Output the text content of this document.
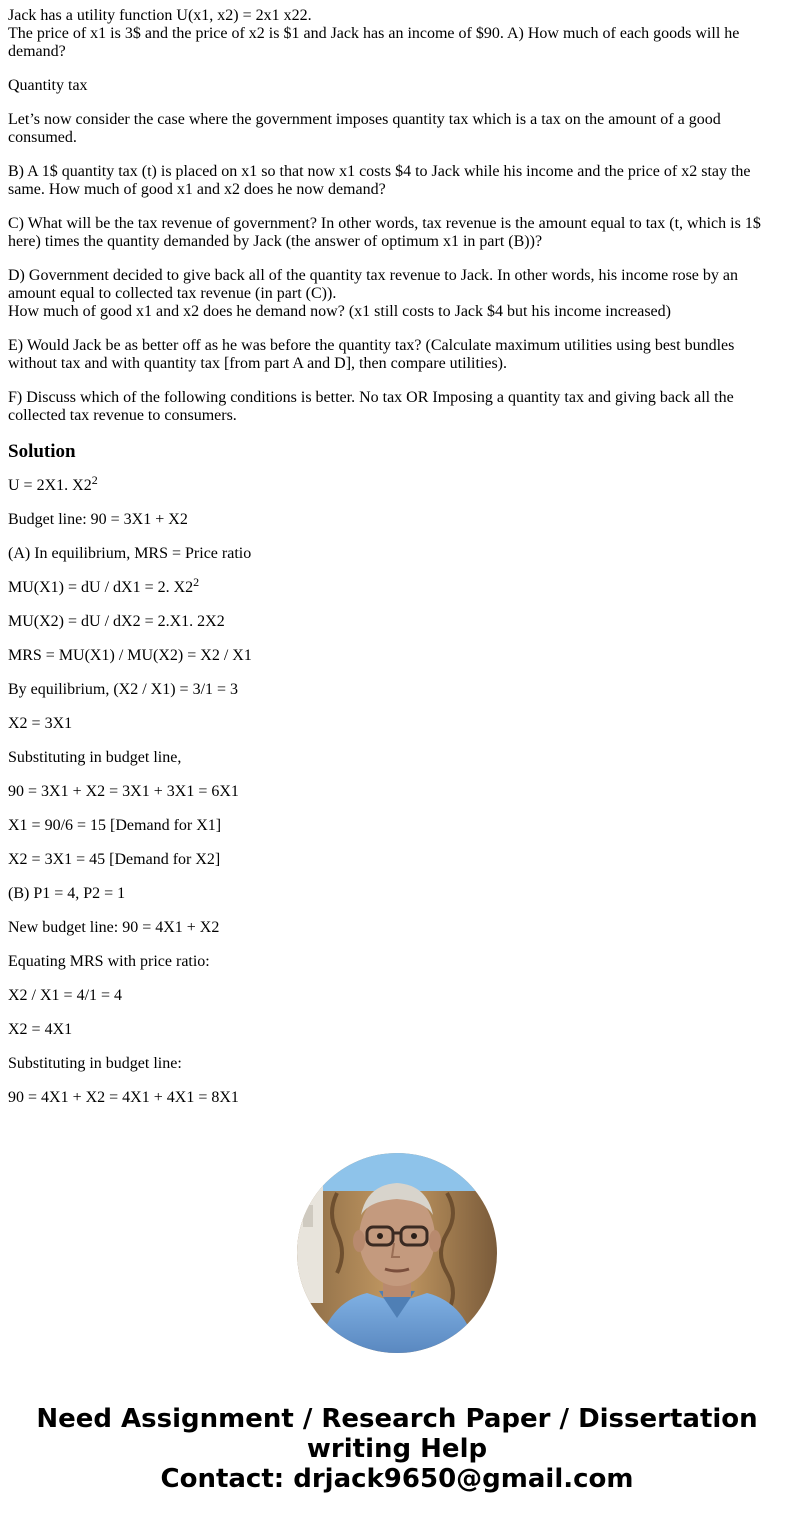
Jack has a utility function U(x1, x2) = 2x1 x22.
The price of x1 is 3$ and the price of x2 is $1 and Jack has an income of $90. A) How much of each goods will he demand?
Quantity tax
Let’s now consider the case where the government imposes quantity tax which is a tax on the amount of a good consumed.
B) A 1$ quantity tax (t) is placed on x1 so that now x1 costs $4 to Jack while his income and the price of x2 stay the same. How much of good x1 and x2 does he now demand?
C) What will be the tax revenue of government? In other words, tax revenue is the amount equal to tax (t, which is 1$ here) times the quantity demanded by Jack (the answer of optimum x1 in part (B))?
D) Government decided to give back all of the quantity tax revenue to Jack. In other words, his income rose by an amount equal to collected tax revenue (in part (C)).
How much of good x1 and x2 does he demand now? (x1 still costs to Jack $4 but his income increased)
E) Would Jack be as better off as he was before the quantity tax? (Calculate maximum utilities using best bundles without tax and with quantity tax [from part A and D], then compare utilities).
F) Discuss which of the following conditions is better. No tax OR Imposing a quantity tax and giving back all the collected tax revenue to consumers.
Solution
U = 2X1. $X2^2$
Budget line: 90 = 3X1 + X2
(A) In equilibrium, MRS = Price ratio
MU(X1) = dU / dX1 = 2. $X2^2$
MU(X2) = dU / dX2 = 2.X1. 2X2
MRS = MU(X1) / MU(X2) = X2 / X1
By equilibrium, (X2 / X1) = 3/1 = 3
X2 = 3X1
Substituting in budget line,
90 = 3X1 + X2 = 3X1 + 3X1 = 6X1
X1 = 90/6 = 15 [Demand for X1]
X2 = 3X1 = 45 [Demand for X2]
(B) P1 = 4, P2 = 1
New budget line: 90 = 4X1 + X2
Equating MRS with price ratio:
X2 / X1 = 4/1 = 4
X2 = 4X1
Substituting in budget line:
90 = 4X1 + X2 = 4X1 + 4X1 = 8X1
Need Assignment / Research Paper / Dissertation
writing Help
Contact: drjack9650@gmail.com
